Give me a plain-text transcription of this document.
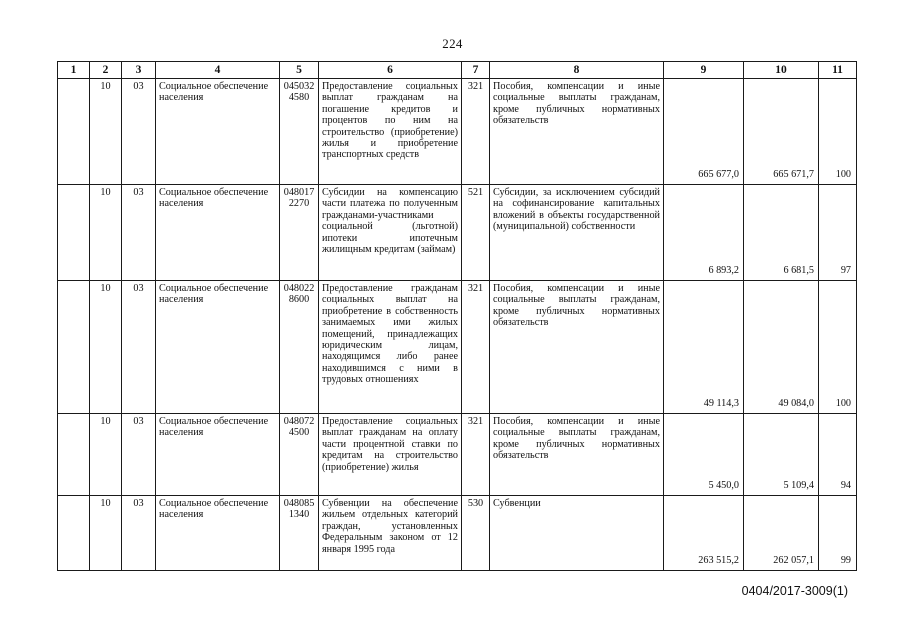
224
1	2	3	4	5	6	7	8	9	10	11
	10	03	Социальное обеспечение населения	045032 4580	Предоставление социальных выплат гражданам на погашение кредитов и процентов по ним на строительство (приобретение) жилья и приобретение транспортных средств	321	Пособия, компенсации и иные социальные выплаты гражданам, кроме публичных нормативных обязательств	665 677,0	665 671,7	100
	10	03	Социальное обеспечение населения	048017 2270	Субсидии на компенсацию части платежа по полученным гражданами-участниками социальной (льготной) ипотеки ипотечным жилищным кредитам (займам)	521	Субсидии, за исключением субсидий на софинансирование капитальных вложений в объекты государственной (муниципальной) собственности	6 893,2	6 681,5	97
	10	03	Социальное обеспечение населения	048022 8600	Предоставление гражданам социальных выплат на приобретение в собственность занимаемых ими жилых помещений, принадлежащих юридическим лицам, находящимся либо ранее находившимся с ними в трудовых отношениях	321	Пособия, компенсации и иные социальные выплаты гражданам, кроме публичных нормативных обязательств	49 114,3	49 084,0	100
	10	03	Социальное обеспечение населения	048072 4500	Предоставление социальных выплат гражданам на оплату части процентной ставки по кредитам на строительство (приобретение) жилья	321	Пособия, компенсации и иные социальные выплаты гражданам, кроме публичных нормативных обязательств	5 450,0	5 109,4	94
	10	03	Социальное обеспечение населения	048085 1340	Субвенции на обеспечение жильем отдельных категорий граждан, установленных Федеральным законом от 12 января 1995 года	530	Субвенции	263 515,2	262 057,1	99
0404/2017-3009(1)
